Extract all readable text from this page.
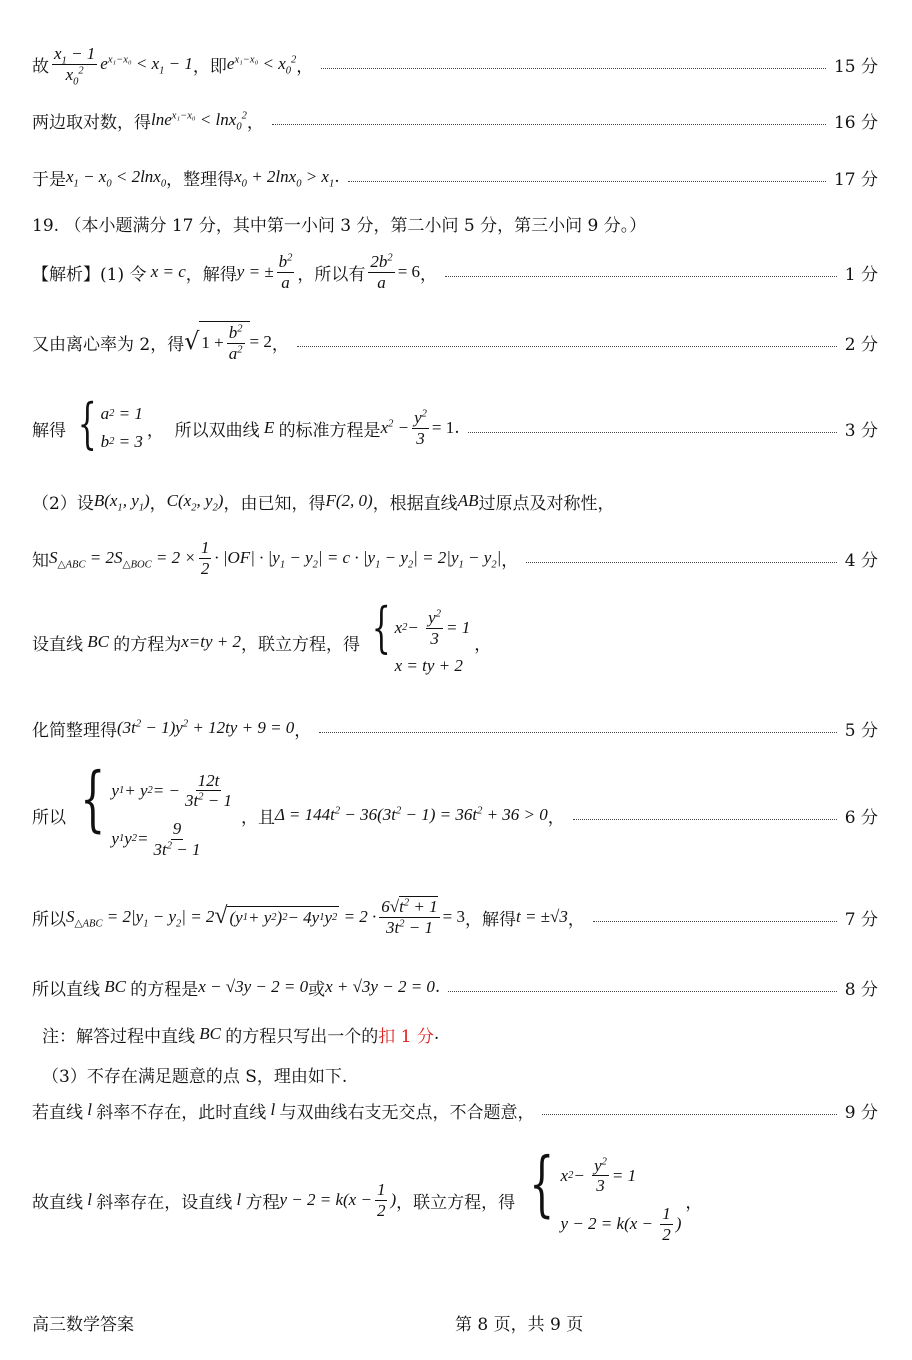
故 $\frac{x_1 - 1}{x_0^2} e^{x_1-x_0} < x_1 - 1$ ，即 $e^{x_1-x_0} < x_0^2$ ，	15 分
两边取对数，得 lne$^{x_1-x_0}$ < lnx$_0^2$ ，	16 分
于是 $x_1 - x_0 < 2\ln x_0$ ，整理得 $x_0 + 2\ln x_0 > x_1$ .	17 分
19. （本小题满分 17 分，其中第一小问 3 分，第二小问 5 分，第三小问 9 分。）
【解析】(1) 令 x = c ，解得 y = ± $\frac{b^2}{a}$ ，所以有 $\frac{2b^2}{a} = 6$ ，	1 分
又由离心率为 2，得 √ $1 + \frac{b^2}{a^2} = 2$ ，	2 分
解得 { a 2 = 1
b 2 = 3
， 所以双曲线 E 的标准方程是 $x^2 - \frac{y^2}{3} = 1$ .	3 分
（2）设 $B(x_1$, $y_1$) ， $C(x_2$, $y_2$) ，由已知，得 F(2, 0) ，根据直线 AB 过原点及对称性，
知 $S_{\triangle ABC} = 2S_{\triangle BOC} = 2 \times \frac{1}{2} \cdot |OF| \cdot |y_1 - y_2| = c \cdot |y_1 - y_2| = 2|y_1 - y_2|$ ，	4 分
设直线 BC 的方程为 x=ty + 2 ，联立方程，得 { x $2 - \frac{y^2}{3} = 1$
x = ty + 2
，
化简整理得 $(3t^2 - 1)y^2 + 12ty + 9 = 0$ ，	5 分
所以 { y 1 + y 2 = − $\frac{12t}{3t^2 - 1}$
y 1 y $2 = \frac{9}{3t^2 - 1}$
，且 $\Delta = 144t^2 - 36(3t^2 - 1) = 36t^2 + 36 > 0$ ，	6 分
所以 $S_{\triangle ABC} = 2|y_1 - y_2| = 2$ √ (y 1 + y 2 ) 2 − 4y 1 y $2 = 2 \cdot \frac{6√t^2 + 1}{3t^2 - 1} = 3$ ，解得 t = ±√3 ，	7 分
所以直线 BC 的方程是 x − √3y − 2 = 0 或 x + √3y − 2 = 0 .	8 分
注：解答过程中直线 BC 的方程只写出一个的 扣 1 分 .
（3）不存在满足题意的点 S，理由如下.
若直线 l 斜率不存在，此时直线 l 与双曲线右支无交点，不合题意，	9 分
故直线 l 斜率存在，设直线 l 方程 $y - 2 = k(x - \frac{1}{2}$ ) ，联立方程，得 { x $2 - \frac{y^2}{3} = 1$
$y - 2 = k(x - \frac{1}{2}$ )
，
高三数学答案	第 8 页，共 9 页
